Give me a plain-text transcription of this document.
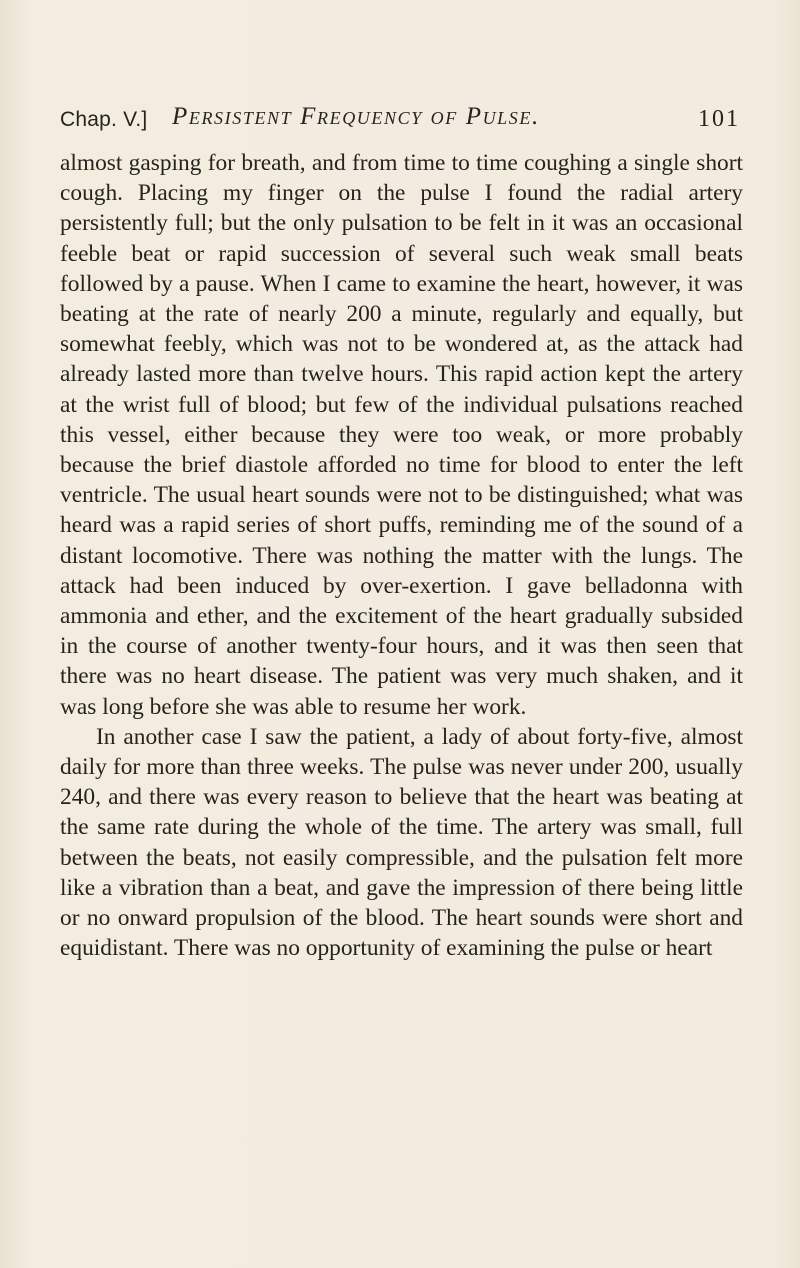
Chap. V.] Persistent Frequency of Pulse.	101

almost gasping for breath, and from time to time coughing a single short cough. Placing my finger on the pulse I found the radial artery persistently full; but the only pulsation to be felt in it was an occasional feeble beat or rapid succession of several such weak small beats followed by a pause. When I came to examine the heart, however, it was beating at the rate of nearly 200 a minute, regularly and equally, but somewhat feebly, which was not to be wondered at, as the attack had already lasted more than twelve hours. This rapid action kept the artery at the wrist full of blood; but few of the individual pulsations reached this vessel, either because they were too weak, or more probably because the brief diastole afforded no time for blood to enter the left ventricle. The usual heart sounds were not to be distinguished; what was heard was a rapid series of short puffs, reminding me of the sound of a distant locomotive. There was nothing the matter with the lungs. The attack had been induced by over-exertion. I gave belladonna with ammonia and ether, and the excitement of the heart gradually subsided in the course of another twenty-four hours, and it was then seen that there was no heart disease. The patient was very much shaken, and it was long before she was able to resume her work.

In another case I saw the patient, a lady of about forty-five, almost daily for more than three weeks. The pulse was never under 200, usually 240, and there was every reason to believe that the heart was beating at the same rate during the whole of the time. The artery was small, full between the beats, not easily compressible, and the pulsation felt more like a vibration than a beat, and gave the impression of there being little or no onward propulsion of the blood. The heart sounds were short and equidistant. There was no opportunity of examining the pulse or heart
